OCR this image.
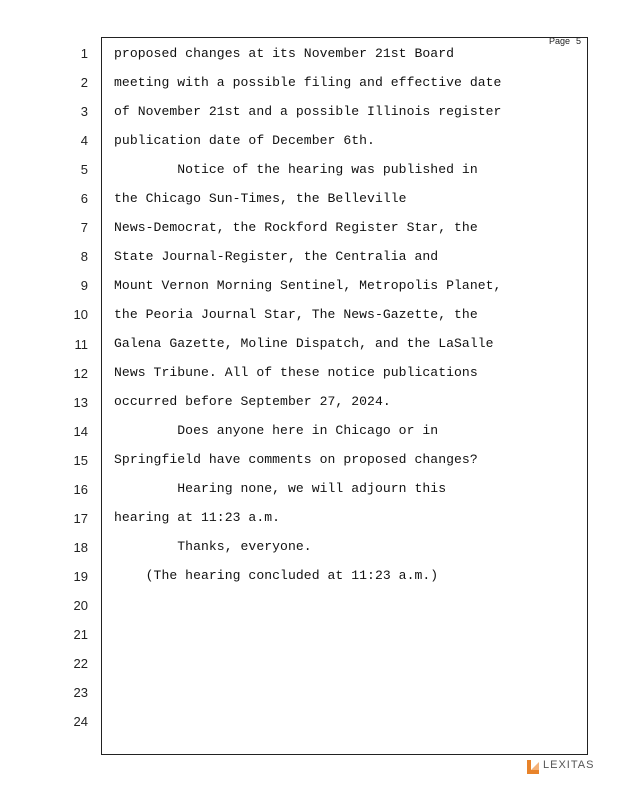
Page 5
1 proposed changes at its November 21st Board
2 meeting with a possible filing and effective date
3 of November 21st and a possible Illinois register
4 publication date of December 6th.
5 Notice of the hearing was published in
6 the Chicago Sun-Times, the Belleville
7 News-Democrat, the Rockford Register Star, the
8 State Journal-Register, the Centralia and
9 Mount Vernon Morning Sentinel, Metropolis Planet,
10 the Peoria Journal Star, The News-Gazette, the
11 Galena Gazette, Moline Dispatch, and the LaSalle
12 News Tribune. All of these notice publications
13 occurred before September 27, 2024.
14 Does anyone here in Chicago or in
15 Springfield have comments on proposed changes?
16 Hearing none, we will adjourn this
17 hearing at 11:23 a.m.
18 Thanks, everyone.
19 (The hearing concluded at 11:23 a.m.)
20
21
22
23
24
LEXITAS
